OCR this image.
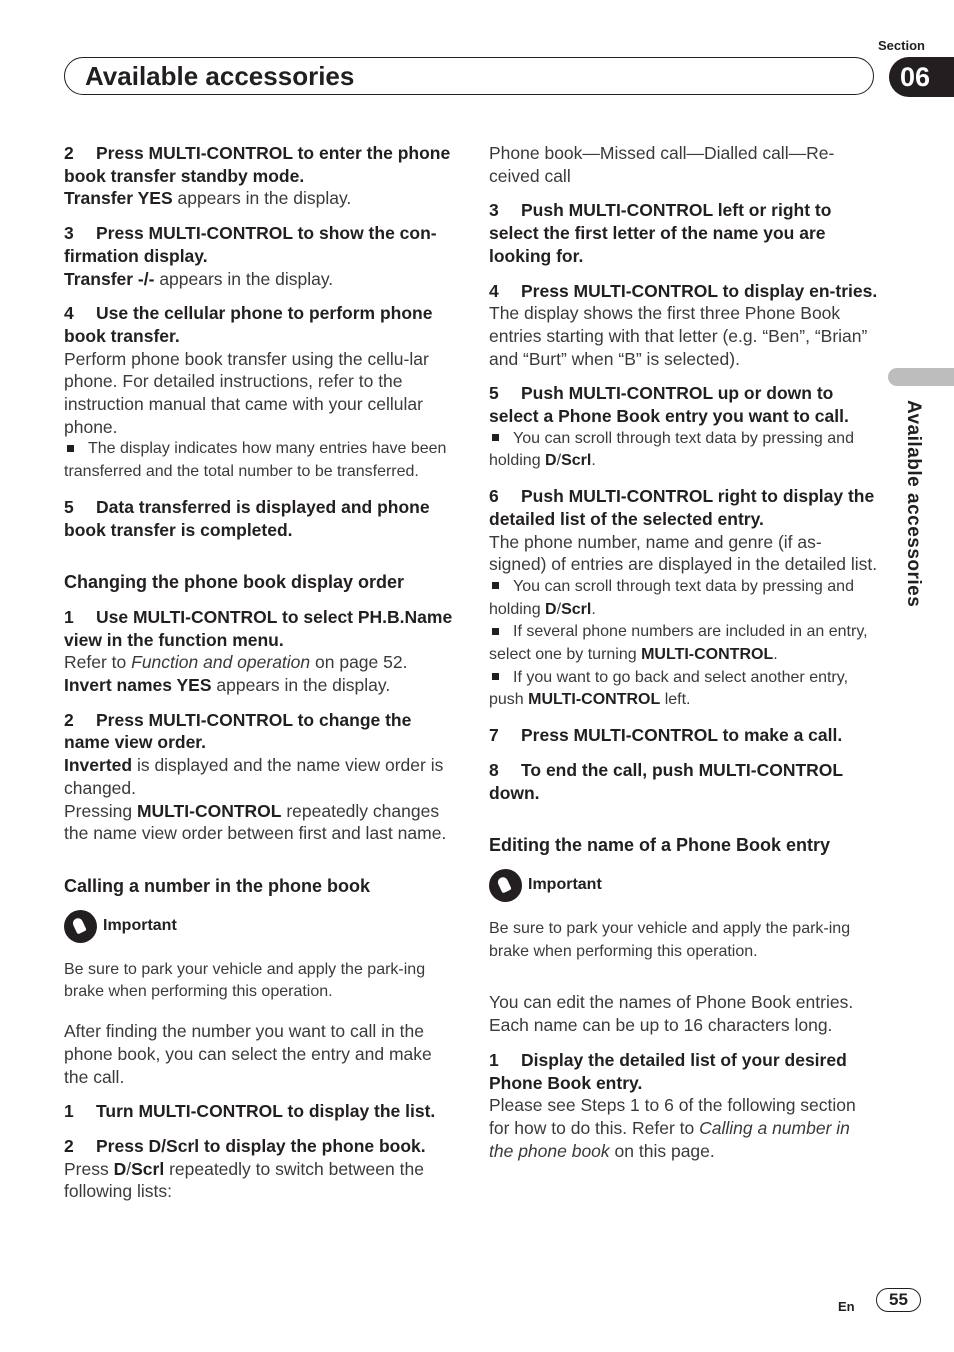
Section
Available accessories	06
Available accessories
2 Press MULTI-CONTROL to enter the phone book transfer standby mode.

Transfer YES appears in the display.

3 Press MULTI-CONTROL to show the con-firmation display.

Transfer -/- appears in the display.

4 Use the cellular phone to perform phone book transfer.

Perform phone book transfer using the cellu-lar phone. For detailed instructions, refer to the instruction manual that came with your cellular phone.

The display indicates how many entries have been transferred and the total number to be transferred.

5 Data transferred is displayed and phone book transfer is completed.
Changing the phone book display order
1 Use MULTI-CONTROL to select PH.B.Name view in the function menu.

Refer to Function and operation on page 52.
Invert names YES appears in the display.

2 Press MULTI-CONTROL to change the name view order.

Inverted is displayed and the name view order is changed.
Pressing MULTI-CONTROL repeatedly changes the name view order between first and last name.

Calling a number in the phone book
Important

Be sure to park your vehicle and apply the park-ing brake when performing this operation.

After finding the number you want to call in the phone book, you can select the entry and make the call.

1 Turn MULTI-CONTROL to display the list.
2 Press D/Scrl to display the phone book.

Press D/Scrl repeatedly to switch between the following lists:

Phone book—Missed call—Dialled call—Re-ceived call

3 Push MULTI-CONTROL left or right to select the first letter of the name you are looking for.
4 Press MULTI-CONTROL to display en-tries.

The display shows the first three Phone Book entries starting with that letter (e.g. “Ben”, “Brian” and “Burt” when “B” is selected).

5 Push MULTI-CONTROL up or down to select a Phone Book entry you want to call.

You can scroll through text data by pressing and holding D/Scrl.

6 Push MULTI-CONTROL right to display the detailed list of the selected entry.

The phone number, name and genre (if as-signed) of entries are displayed in the detailed list.

You can scroll through text data by pressing and holding D/Scrl.

If several phone numbers are included in an entry, select one by turning MULTI-CONTROL.

If you want to go back and select another entry, push MULTI-CONTROL left.

7 Press MULTI-CONTROL to make a call.
8 To end the call, push MULTI-CONTROL down.
Editing the name of a Phone Book entry
Important

Be sure to park your vehicle and apply the park-ing brake when performing this operation.

You can edit the names of Phone Book entries. Each name can be up to 16 characters long.

1 Display the detailed list of your desired Phone Book entry.

Please see Steps 1 to 6 of the following section for how to do this. Refer to Calling a number in the phone book on this page.

En	55
